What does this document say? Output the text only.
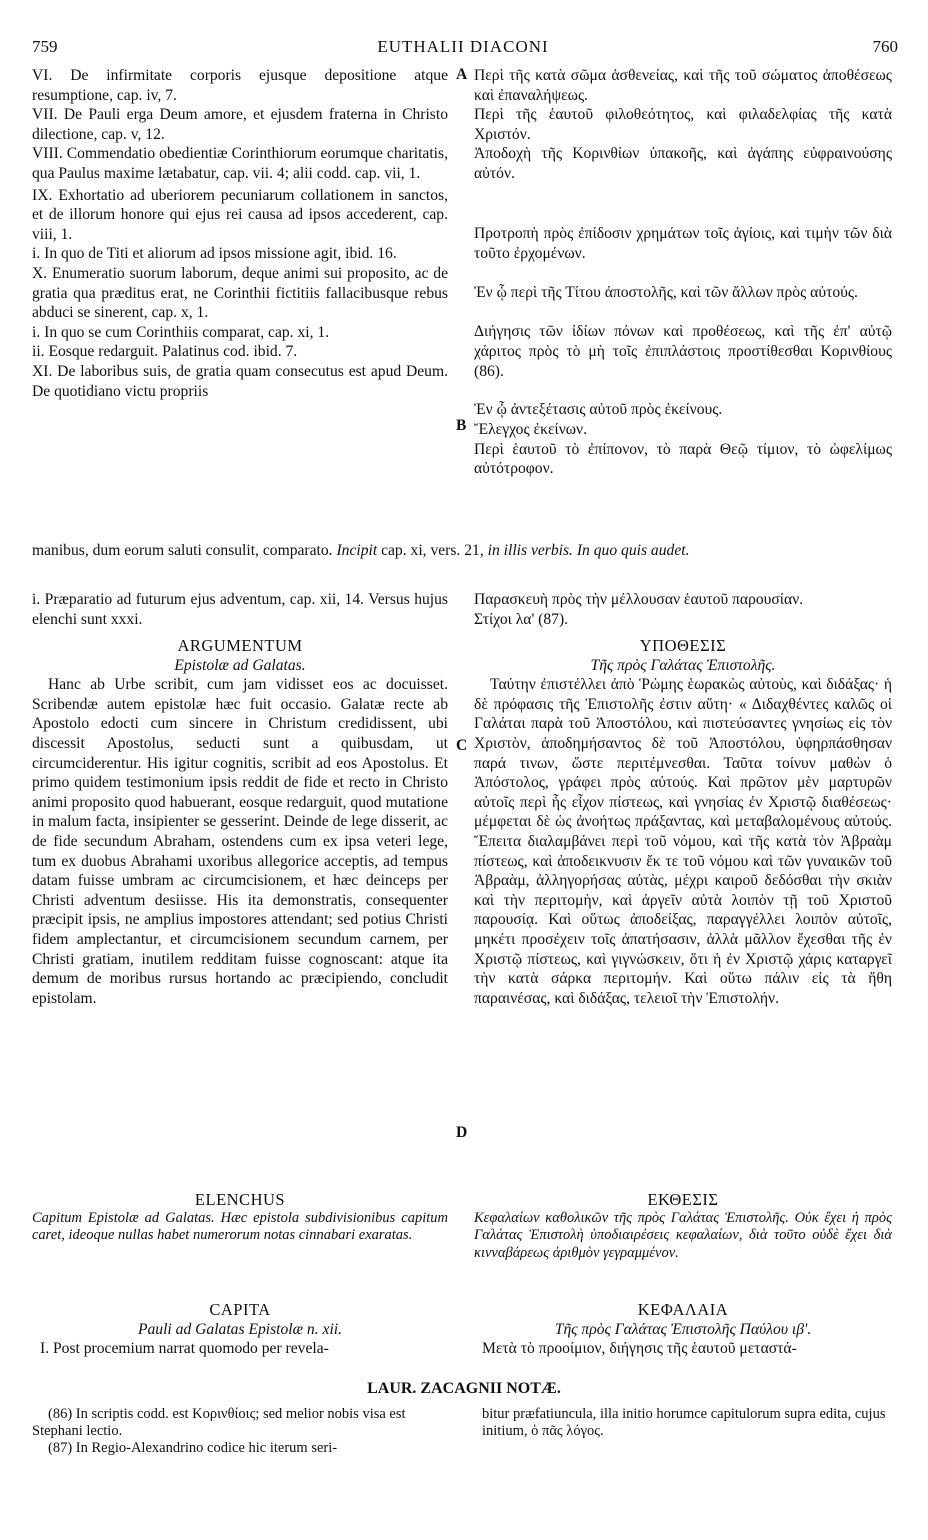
759	EUTHALII DIACONI	760

VI. De infirmitate corporis ejusque depositione atque resumptione, cap. iv, 7.

VII. De Pauli erga Deum amore, et ejusdem fraterna in Christo dilectione, cap. v, 12.

VIII. Commendatio obedientiæ Corinthiorum eorumque charitatis, qua Paulus maxime lætabatur, cap. vii. 4; alii codd. cap. vii, 1.

IX. Exhortatio ad uberiorem pecuniarum collationem in sanctos, et de illorum honore qui ejus rei causa ad ipsos accederent, cap. viii, 1.

i. In quo de Titi et aliorum ad ipsos missione agit, ibid. 16.

X. Enumeratio suorum laborum, deque animi sui proposito, ac de gratia qua præditus erat, ne Corinthii fictitiis fallacibusque rebus abduci se sinerent, cap. x, 1.

i. In quo se cum Corinthiis comparat, cap. xi, 1.

ii. Eosque redarguit. Palatinus cod. ibid. 7.

XI. De laboribus suis, de gratia quam consecutus est apud Deum. De quotidiano victu propriis

Περὶ τῆς κατὰ σῶμα ἀσθενείας, καὶ τῆς τοῦ σώματος ἀποθέσεως καὶ ἐπαναλήψεως.

Περὶ τῆς ἑαυτοῦ φιλοθεότητος, καὶ φιλαδελφίας τῆς κατὰ Χριστόν.

Ἀποδοχὴ τῆς Κορινθίων ὑπακοῆς, καὶ ἀγάπης εὐφραινούσης αὐτόν.

Προτροπὴ πρὸς ἐπίδοσιν χρημάτων τοῖς ἁγίοις, καὶ τιμὴν τῶν διὰ τοῦτο ἐρχομένων.

Ἐν ᾧ περὶ τῆς Τίτου ἀποστολῆς, καὶ τῶν ἄλλων πρὸς αὐτούς.

Διήγησις τῶν ἰδίων πόνων καὶ προθέσεως, καὶ τῆς ἐπ' αὐτῷ χάριτος πρὸς τὸ μὴ τοῖς ἐπιπλάστοις προστίθεσθαι Κορινθίους (86).

Ἐν ᾧ ἀντεξέτασις αὐτοῦ πρὸς ἐκείνους.

Ἔλεγχος ἐκείνων.

Περὶ ἑαυτοῦ τὸ ἐπίπονον, τὸ παρὰ Θεῷ τίμιον, τὸ ὠφελίμως αὐτότροφον.

A
B
manibus, dum eorum saluti consulit, comparato. Incipit cap. xi, vers. 21, in illis verbis. In quo quis audet.

i. Præparatio ad futurum ejus adventum, cap. xii, 14. Versus hujus elenchi sunt xxxi.

Παρασκευὴ πρὸς τὴν μέλλουσαν ἑαυτοῦ παρουσίαν.

Στίχοι λα' (87).

ARGUMENTUM

Epistolæ ad Galatas.

Hanc ab Urbe scribit, cum jam vidisset eos ac docuisset. Scribendæ autem epistolæ hæc fuit occasio. Galatæ recte ab Apostolo edocti cum sincere in Christum credidissent, ubi discessit Apostolus, seducti sunt a quibusdam, ut circumciderentur. His igitur cognitis, scribit ad eos Apostolus. Et primo quidem testimonium ipsis reddit de fide et recto in Christo animi proposito quod habuerant, eosque redarguit, quod mutatione in malum facta, insipienter se gesserint. Deinde de lege disserit, ac de fide secundum Abraham, ostendens cum ex ipsa veteri lege, tum ex duobus Abrahami uxoribus allegorice acceptis, ad tempus datam fuisse umbram ac circumcisionem, et hæc deinceps per Christi adventum desiisse. His ita demonstratis, consequenter præcipit ipsis, ne amplius impostores attendant; sed potius Christi fidem amplectantur, et circumcisionem secundum carnem, per Christi gratiam, inutilem redditam fuisse cognoscant: atque ita demum de moribus rursus hortando ac præcipiendo, concludit epistolam.

ΥΠΟΘΕΣΙΣ

Τῆς πρὸς Γαλάτας Ἐπιστολῆς.

Ταύτην ἐπιστέλλει ἀπὸ Ῥώμης ἑωρακὼς αὐτοὺς, καὶ διδάξας· ἡ δὲ πρόφασις τῆς Ἐπιστολῆς ἐστιν αὕτη· « Διδαχθέντες καλῶς οἱ Γαλάται παρὰ τοῦ Ἀποστόλου, καὶ πιστεύσαντες γνησίως εἰς τὸν Χριστὸν, ἀποδημήσαντος δὲ τοῦ Ἀποστόλου, ὑφηρπάσθησαν παρά τινων, ὥστε περιτέμνεσθαι. Ταῦτα τοίνυν μαθὼν ὁ Ἀπόστολος, γράφει πρὸς αὐτούς. Καὶ πρῶτον μὲν μαρτυρῶν αὐτοῖς περὶ ἧς εἶχον πίστεως, καὶ γνησίας ἐν Χριστῷ διαθέσεως· μέμφεται δὲ ὡς ἀνοήτως πράξαντας, καὶ μεταβαλομένους αὐτούς. Ἔπειτα διαλαμβάνει περὶ τοῦ νόμου, καὶ τῆς κατὰ τὸν Ἀβραὰμ πίστεως, καὶ ἀποδεικνυσιν ἔκ τε τοῦ νόμου καὶ τῶν γυναικῶν τοῦ Ἀβραὰμ, ἀλληγορήσας αὐτὰς, μέχρι καιροῦ δεδόσθαι τὴν σκιὰν καὶ τὴν περιτομὴν, καὶ ἀργεῖν αὐτὰ λοιπὸν τῇ τοῦ Χριστοῦ παρουσίᾳ. Καὶ οὕτως ἀποδείξας, παραγγέλλει λοιπὸν αὐτοῖς, μηκέτι προσέχειν τοῖς ἀπατήσασιν, ἀλλὰ μᾶλλον ἔχεσθαι τῆς ἐν Χριστῷ πίστεως, καὶ γιγνώσκειν, ὅτι ἡ ἐν Χριστῷ χάρις καταργεῖ τὴν κατὰ σάρκα περιτομήν. Καὶ οὕτω πάλιν εἰς τὰ ἤθη παραινέσας, καὶ διδάξας, τελειοῖ τὴν Ἐπιστολήν.

C
D

ELENCHUS

Capitum Epistolæ ad Galatas. Hæc epistola subdivisionibus capitum caret, ideoque nullas habet numerorum notas cinnabari exaratas.

ΕΚΘΕΣΙΣ

Κεφαλαίων καθολικῶν τῆς πρὸς Γαλάτας Ἐπιστολῆς. Οὐκ ἔχει ἡ πρὸς Γαλάτας Ἐπιστολὴ ὑποδιαιρέσεις κεφαλαίων, διὰ τοῦτο οὐδὲ ἔχει διὰ κινναβάρεως ἀριθμὸν γεγραμμένον.

CAPITA

Pauli ad Galatas Epistolæ n. xii.

I. Post procemium narrat quomodo per revela-

ΚΕΦΑΛΑΙΑ

Τῆς πρὸς Γαλάτας Ἐπιστολῆς Παύλου ιβ'.

Μετὰ τὸ προοίμιον, διήγησις τῆς ἑαυτοῦ μεταστά-

LAUR. ZACAGNII NOTÆ.

(86) In scriptis codd. est Κορινθίοις; sed melior nobis visa est Stephani lectio.

(87) In Regio-Alexandrino codice hic iterum seri-

bitur præfatiuncula, illa initio horumce capitulorum supra edita, cujus initium, ὁ πᾶς λόγος.
